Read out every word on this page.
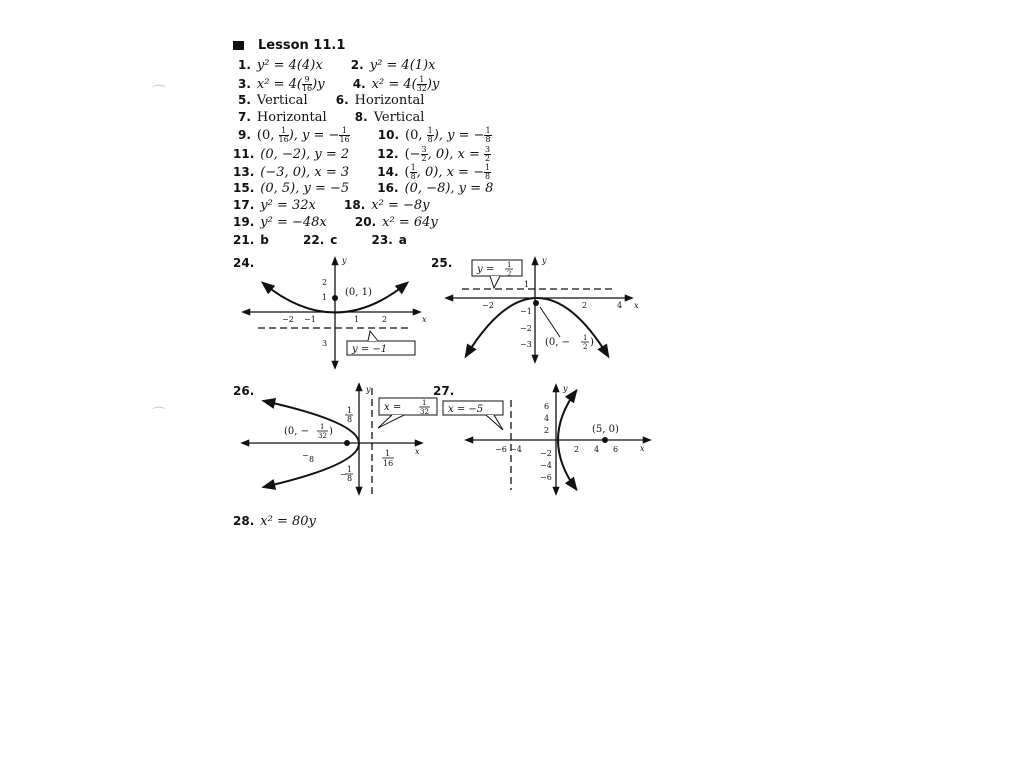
Lesson 11.1
1. y² = 4(4)x 2. y² = 4(1)x
3. $x^2 = 4( \frac{9}{16} )y$ 4. $x^2 = 4( \frac{1}{32} )y$
5. Vertical 6. Horizontal
7. Horizontal 8. Vertical
9. (0, $\frac{1}{16}$ ), y = − $\frac{1}{16} 10$. (0, $\frac{1}{8}$ ), y = − $\frac{1}{8}$
11. (0, −2), y = 2 12. (− $\frac{3}{2}$ , 0), $x = \frac{3}{2}$
13. (−3, 0), x = 3 14. ( $\frac{1}{8}$ , 0), x = − $\frac{1}{8}$
15. (0, 5), y = −5 16. (0, −8), y = 8
17. y² = 32x 18. x² = −8y
19. y² = −48x 20. x² = 64y
21. b	22. c	23. a
24.	25.
26.	27.
−2 −1	1	2
2
1
3
x
y
(0, 1)
y = −1
−2	2	4
1
−1
−2
−3
x
y
y = 1
2
(0, − 1
2 )
− 8
1
16
1
8
−
1
8
x
y
(0, − 1
32 )
x =	1
32
−6 −4	2 4 6
6
4
2
−2
−4
−6
x
y
(5, 0)
x = −5
28. x² = 80y
⌒
⌒
